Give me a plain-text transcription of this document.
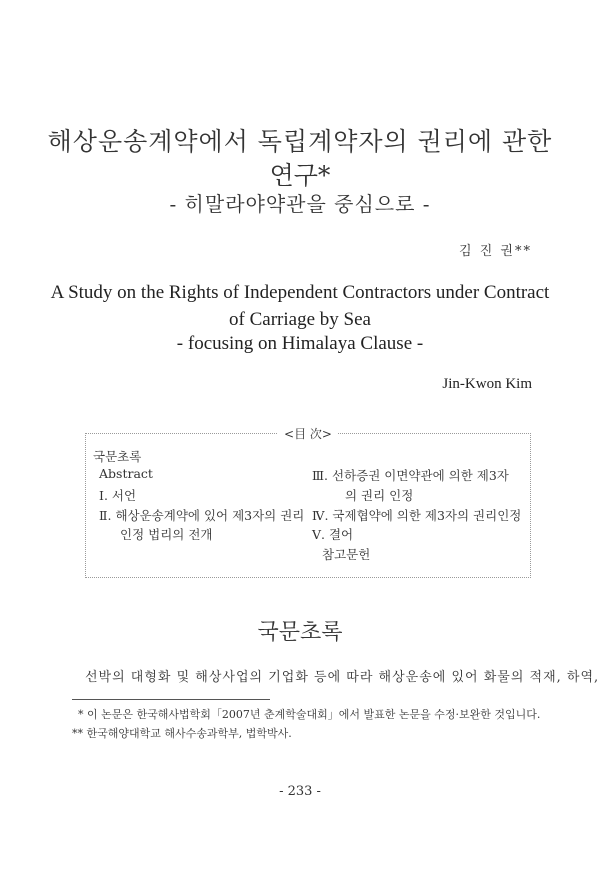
해상운송계약에서 독립계약자의 권리에 관한
연구*
- 히말라야약관을 중심으로 -
김 진 권**
A Study on the Rights of Independent Contractors under Contract
of Carriage by Sea
- focusing on Himalaya Clause -
Jin-Kwon Kim
<目 次>
국문초록
Abstract
Ⅰ. 서언
Ⅱ. 해상운송계약에 있어 제3자의 권리
인정 법리의 전개
Ⅲ. 선하증권 이면약관에 의한 제3자
의 권리 인정
Ⅳ. 국제협약에 의한 제3자의 권리인정
Ⅴ. 결어
참고문헌
국문초록
선박의 대형화 및 해상사업의 기업화 등에 따라 해상운송에 있어 화물의 적재, 하역,
* 이 논문은 한국해사법학회「2007년 춘계학술대회」에서 발표한 논문을 수정·보완한 것입니다.
** 한국해양대학교 해사수송과학부, 법학박사.
- 233 -
